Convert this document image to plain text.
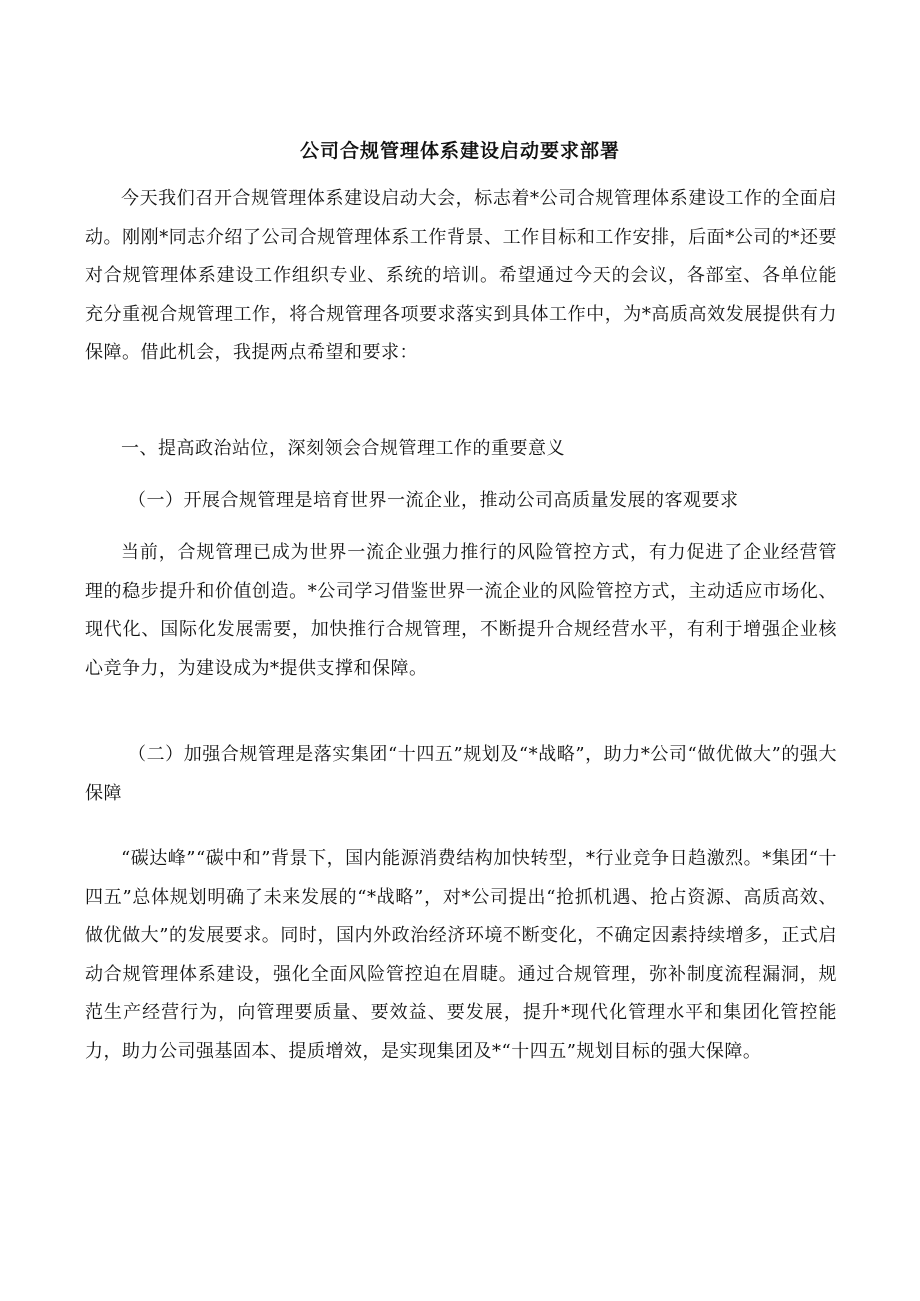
公司合规管理体系建设启动要求部署

今天我们召开合规管理体系建设启动大会，标志着*公司合规管理体系建设工作的全面启动。刚刚*同志介绍了公司合规管理体系工作背景、工作目标和工作安排，后面*公司的*还要对合规管理体系建设工作组织专业、系统的培训。希望通过今天的会议，各部室、各单位能充分重视合规管理工作，将合规管理各项要求落实到具体工作中，为*高质高效发展提供有力保障。借此机会，我提两点希望和要求：

一、提高政治站位，深刻领会合规管理工作的重要意义

（一）开展合规管理是培育世界一流企业，推动公司高质量发展的客观要求

当前，合规管理已成为世界一流企业强力推行的风险管控方式，有力促进了企业经营管理的稳步提升和价值创造。*公司学习借鉴世界一流企业的风险管控方式，主动适应市场化、现代化、国际化发展需要，加快推行合规管理，不断提升合规经营水平，有利于增强企业核心竞争力，为建设成为*提供支撑和保障。

（二）加强合规管理是落实集团“十四五”规划及“*战略”，助力*公司“做优做大”的强大保障

“碳达峰”“碳中和”背景下，国内能源消费结构加快转型，*行业竞争日趋激烈。*集团“十四五”总体规划明确了未来发展的“*战略”，对*公司提出“抢抓机遇、抢占资源、高质高效、做优做大”的发展要求。同时，国内外政治经济环境不断变化，不确定因素持续增多，正式启动合规管理体系建设，强化全面风险管控迫在眉睫。通过合规管理，弥补制度流程漏洞，规范生产经营行为，向管理要质量、要效益、要发展，提升*现代化管理水平和集团化管控能力，助力公司强基固本、提质增效，是实现集团及*“十四五”规划目标的强大保障。
